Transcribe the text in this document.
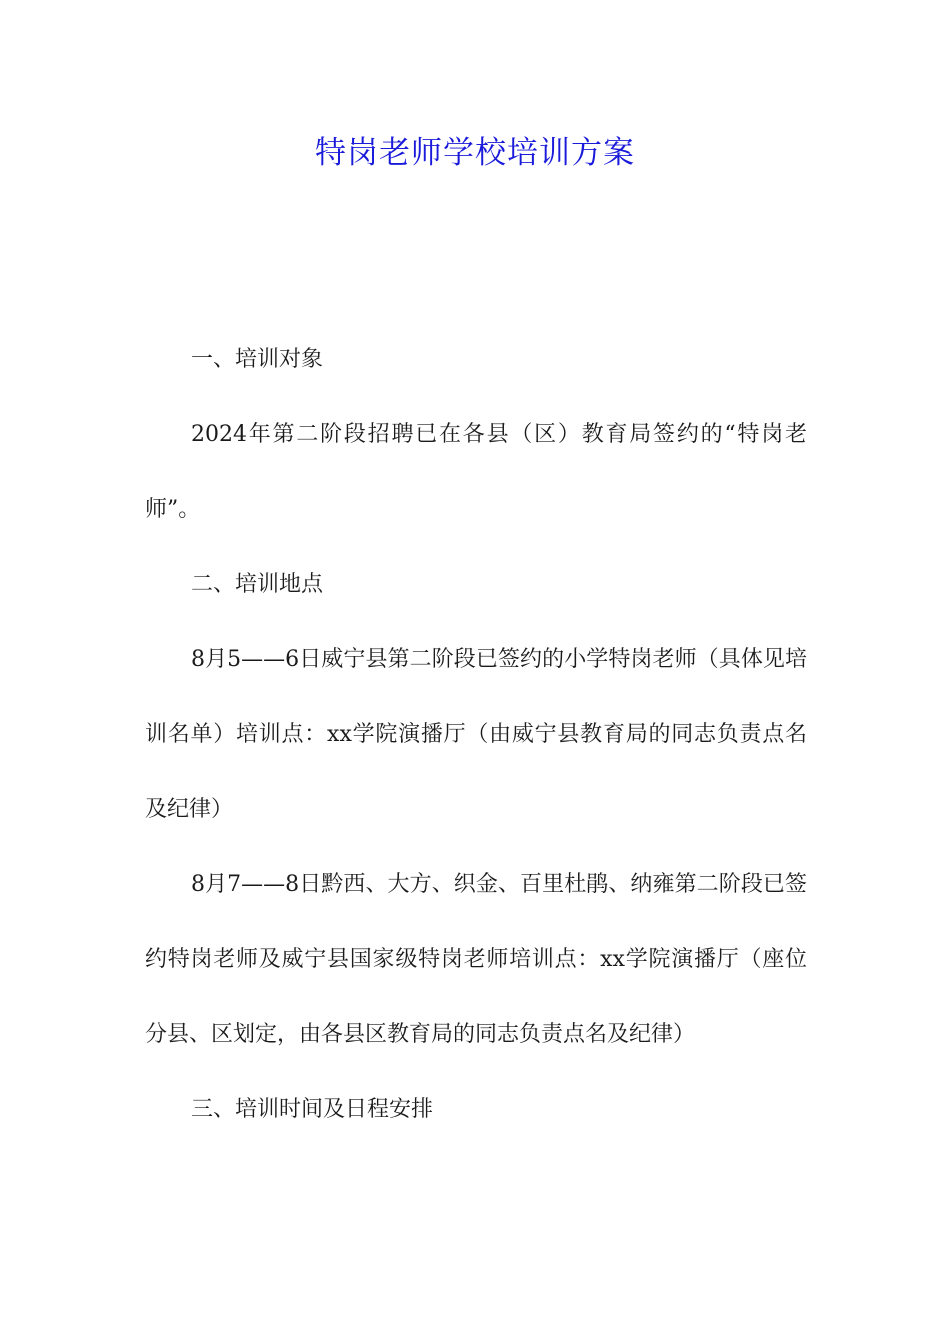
特岗老师学校培训方案

一、培训对象

2024年第二阶段招聘已在各县（区）教育局签约的“特岗老师”。

二、培训地点

8月5——6日威宁县第二阶段已签约的小学特岗老师（具体见培训名单）培训点：xx学院演播厅（由威宁县教育局的同志负责点名及纪律）

8月7——8日黔西、大方、织金、百里杜鹃、纳雍第二阶段已签约特岗老师及威宁县国家级特岗老师培训点：xx学院演播厅（座位分县、区划定，由各县区教育局的同志负责点名及纪律）

三、培训时间及日程安排
